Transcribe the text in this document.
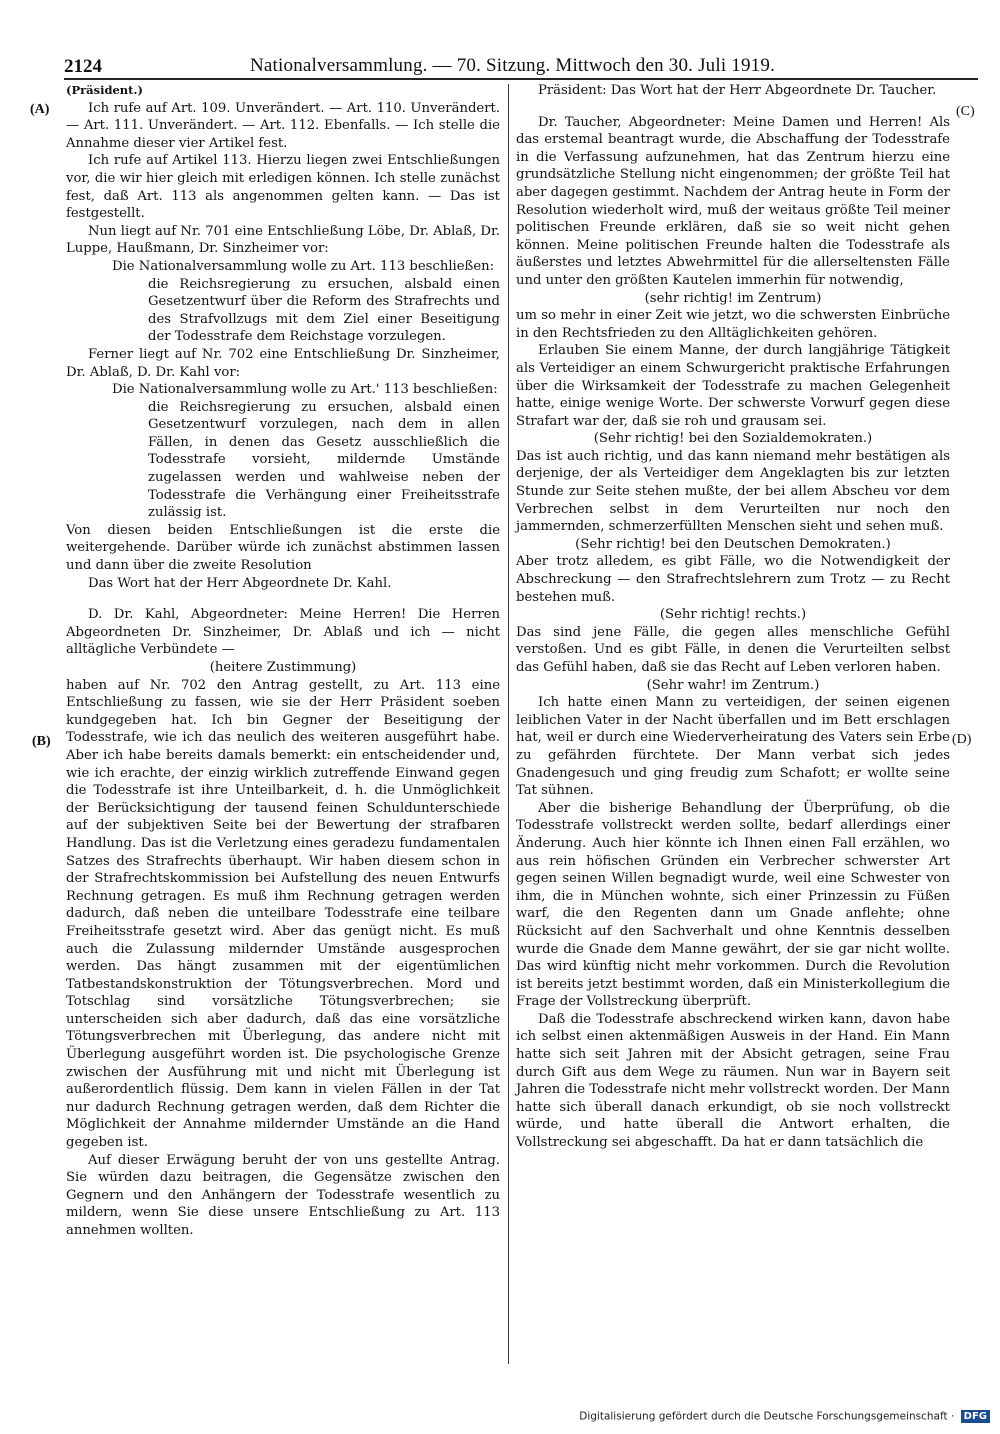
2124	Nationalversammlung. — 70. Sitzung. Mittwoch den 30. Juli 1919.
(A)
(B)
(C)
(D)

(Präsident.)

Ich rufe auf Art. 109. Unverändert. — Art. 110. Unverändert. — Art. 111. Unverändert. — Art. 112. Ebenfalls. — Ich stelle die Annahme dieser vier Artikel fest.

Ich rufe auf Artikel 113. Hierzu liegen zwei Entschließungen vor, die wir hier gleich mit erledigen können. Ich stelle zunächst fest, daß Art. 113 als angenommen gelten kann. — Das ist festgestellt.

Nun liegt auf Nr. 701 eine Entschließung Löbe, Dr. Ablaß, Dr. Luppe, Haußmann, Dr. Sinzheimer vor:

Die Nationalversammlung wolle zu Art. 113 beschließen:

die Reichsregierung zu ersuchen, alsbald einen Gesetzentwurf über die Reform des Strafrechts und des Strafvollzugs mit dem Ziel einer Beseitigung der Todesstrafe dem Reichstage vorzulegen.

Ferner liegt auf Nr. 702 eine Entschließung Dr. Sinzheimer, Dr. Ablaß, D. Dr. Kahl vor:

Die Nationalversammlung wolle zu Art.' 113 beschließen:

die Reichsregierung zu ersuchen, alsbald einen Gesetzentwurf vorzulegen, nach dem in allen Fällen, in denen das Gesetz ausschließlich die Todesstrafe vorsieht, mildernde Umstände zugelassen werden und wahlweise neben der Todesstrafe die Verhängung einer Freiheitsstrafe zulässig ist.

Von diesen beiden Entschließungen ist die erste die weitergehende. Darüber würde ich zunächst abstimmen lassen und dann über die zweite Resolution

Das Wort hat der Herr Abgeordnete Dr. Kahl.

D. Dr. Kahl, Abgeordneter: Meine Herren! Die Herren Abgeordneten Dr. Sinzheimer, Dr. Ablaß und ich — nicht alltägliche Verbündete —

(heitere Zustimmung)

haben auf Nr. 702 den Antrag gestellt, zu Art. 113 eine Entschließung zu fassen, wie sie der Herr Präsident soeben kundgegeben hat. Ich bin Gegner der Beseitigung der Todesstrafe, wie ich das neulich des weiteren ausgeführt habe. Aber ich habe bereits damals bemerkt: ein entscheidender und, wie ich erachte, der einzig wirklich zutreffende Einwand gegen die Todesstrafe ist ihre Unteilbarkeit, d. h. die Unmöglichkeit der Berücksichtigung der tausend feinen Schuldunterschiede auf der subjektiven Seite bei der Bewertung der strafbaren Handlung. Das ist die Verletzung eines geradezu fundamentalen Satzes des Strafrechts überhaupt. Wir haben diesem schon in der Strafrechtskommission bei Aufstellung des neuen Entwurfs Rechnung getragen. Es muß ihm Rechnung getragen werden dadurch, daß neben die unteilbare Todesstrafe eine teilbare Freiheitsstrafe gesetzt wird. Aber das genügt nicht. Es muß auch die Zulassung mildernder Umstände ausgesprochen werden. Das hängt zusammen mit der eigentümlichen Tatbestandskonstruktion der Tötungsverbrechen. Mord und Totschlag sind vorsätzliche Tötungsverbrechen; sie unterscheiden sich aber dadurch, daß das eine vorsätzliche Tötungsverbrechen mit Überlegung, das andere nicht mit Überlegung ausgeführt worden ist. Die psychologische Grenze zwischen der Ausführung mit und nicht mit Überlegung ist außerordentlich flüssig. Dem kann in vielen Fällen in der Tat nur dadurch Rechnung getragen werden, daß dem Richter die Möglichkeit der Annahme mildernder Umstände an die Hand gegeben ist.

Auf dieser Erwägung beruht der von uns gestellte Antrag. Sie würden dazu beitragen, die Gegensätze zwischen den Gegnern und den Anhängern der Todesstrafe wesentlich zu mildern, wenn Sie diese unsere Entschließung zu Art. 113 annehmen wollten.

Präsident: Das Wort hat der Herr Abgeordnete Dr. Taucher.

Dr. Taucher, Abgeordneter: Meine Damen und Herren! Als das erstemal beantragt wurde, die Abschaffung der Todesstrafe in die Verfassung aufzunehmen, hat das Zentrum hierzu eine grundsätzliche Stellung nicht eingenommen; der größte Teil hat aber dagegen gestimmt. Nachdem der Antrag heute in Form der Resolution wiederholt wird, muß der weitaus größte Teil meiner politischen Freunde erklären, daß sie so weit nicht gehen können. Meine politischen Freunde halten die Todesstrafe als äußerstes und letztes Abwehrmittel für die allerseltensten Fälle und unter den größten Kautelen immerhin für notwendig,

(sehr richtig! im Zentrum)

um so mehr in einer Zeit wie jetzt, wo die schwersten Einbrüche in den Rechtsfrieden zu den Alltäglichkeiten gehören.

Erlauben Sie einem Manne, der durch langjährige Tätigkeit als Verteidiger an einem Schwurgericht praktische Erfahrungen über die Wirksamkeit der Todesstrafe zu machen Gelegenheit hatte, einige wenige Worte. Der schwerste Vorwurf gegen diese Strafart war der, daß sie roh und grausam sei.

(Sehr richtig! bei den Sozialdemokraten.)

Das ist auch richtig, und das kann niemand mehr bestätigen als derjenige, der als Verteidiger dem Angeklagten bis zur letzten Stunde zur Seite stehen mußte, der bei allem Abscheu vor dem Verbrechen selbst in dem Verurteilten nur noch den jammernden, schmerzerfüllten Menschen sieht und sehen muß.

(Sehr richtig! bei den Deutschen Demokraten.)

Aber trotz alledem, es gibt Fälle, wo die Notwendigkeit der Abschreckung — den Strafrechtslehrern zum Trotz — zu Recht bestehen muß.

(Sehr richtig! rechts.)

Das sind jene Fälle, die gegen alles menschliche Gefühl verstoßen. Und es gibt Fälle, in denen die Verurteilten selbst das Gefühl haben, daß sie das Recht auf Leben verloren haben.

(Sehr wahr! im Zentrum.)

Ich hatte einen Mann zu verteidigen, der seinen eigenen leiblichen Vater in der Nacht überfallen und im Bett erschlagen hat, weil er durch eine Wiederverheiratung des Vaters sein Erbe zu gefährden fürchtete. Der Mann verbat sich jedes Gnadengesuch und ging freudig zum Schafott; er wollte seine Tat sühnen.

Aber die bisherige Behandlung der Überprüfung, ob die Todesstrafe vollstreckt werden sollte, bedarf allerdings einer Änderung. Auch hier könnte ich Ihnen einen Fall erzählen, wo aus rein höfischen Gründen ein Verbrecher schwerster Art gegen seinen Willen begnadigt wurde, weil eine Schwester von ihm, die in München wohnte, sich einer Prinzessin zu Füßen warf, die den Regenten dann um Gnade anflehte; ohne Rücksicht auf den Sachverhalt und ohne Kenntnis desselben wurde die Gnade dem Manne gewährt, der sie gar nicht wollte. Das wird künftig nicht mehr vorkommen. Durch die Revolution ist bereits jetzt bestimmt worden, daß ein Ministerkollegium die Frage der Vollstreckung überprüft.

Daß die Todesstrafe abschreckend wirken kann, davon habe ich selbst einen aktenmäßigen Ausweis in der Hand. Ein Mann hatte sich seit Jahren mit der Absicht getragen, seine Frau durch Gift aus dem Wege zu räumen. Nun war in Bayern seit Jahren die Todesstrafe nicht mehr vollstreckt worden. Der Mann hatte sich überall danach erkundigt, ob sie noch vollstreckt würde, und hatte überall die Antwort erhalten, die Vollstreckung sei abgeschafft. Da hat er dann tatsächlich die

Digitalisierung gefördert durch die Deutsche Forschungsgemeinschaft · DFG
